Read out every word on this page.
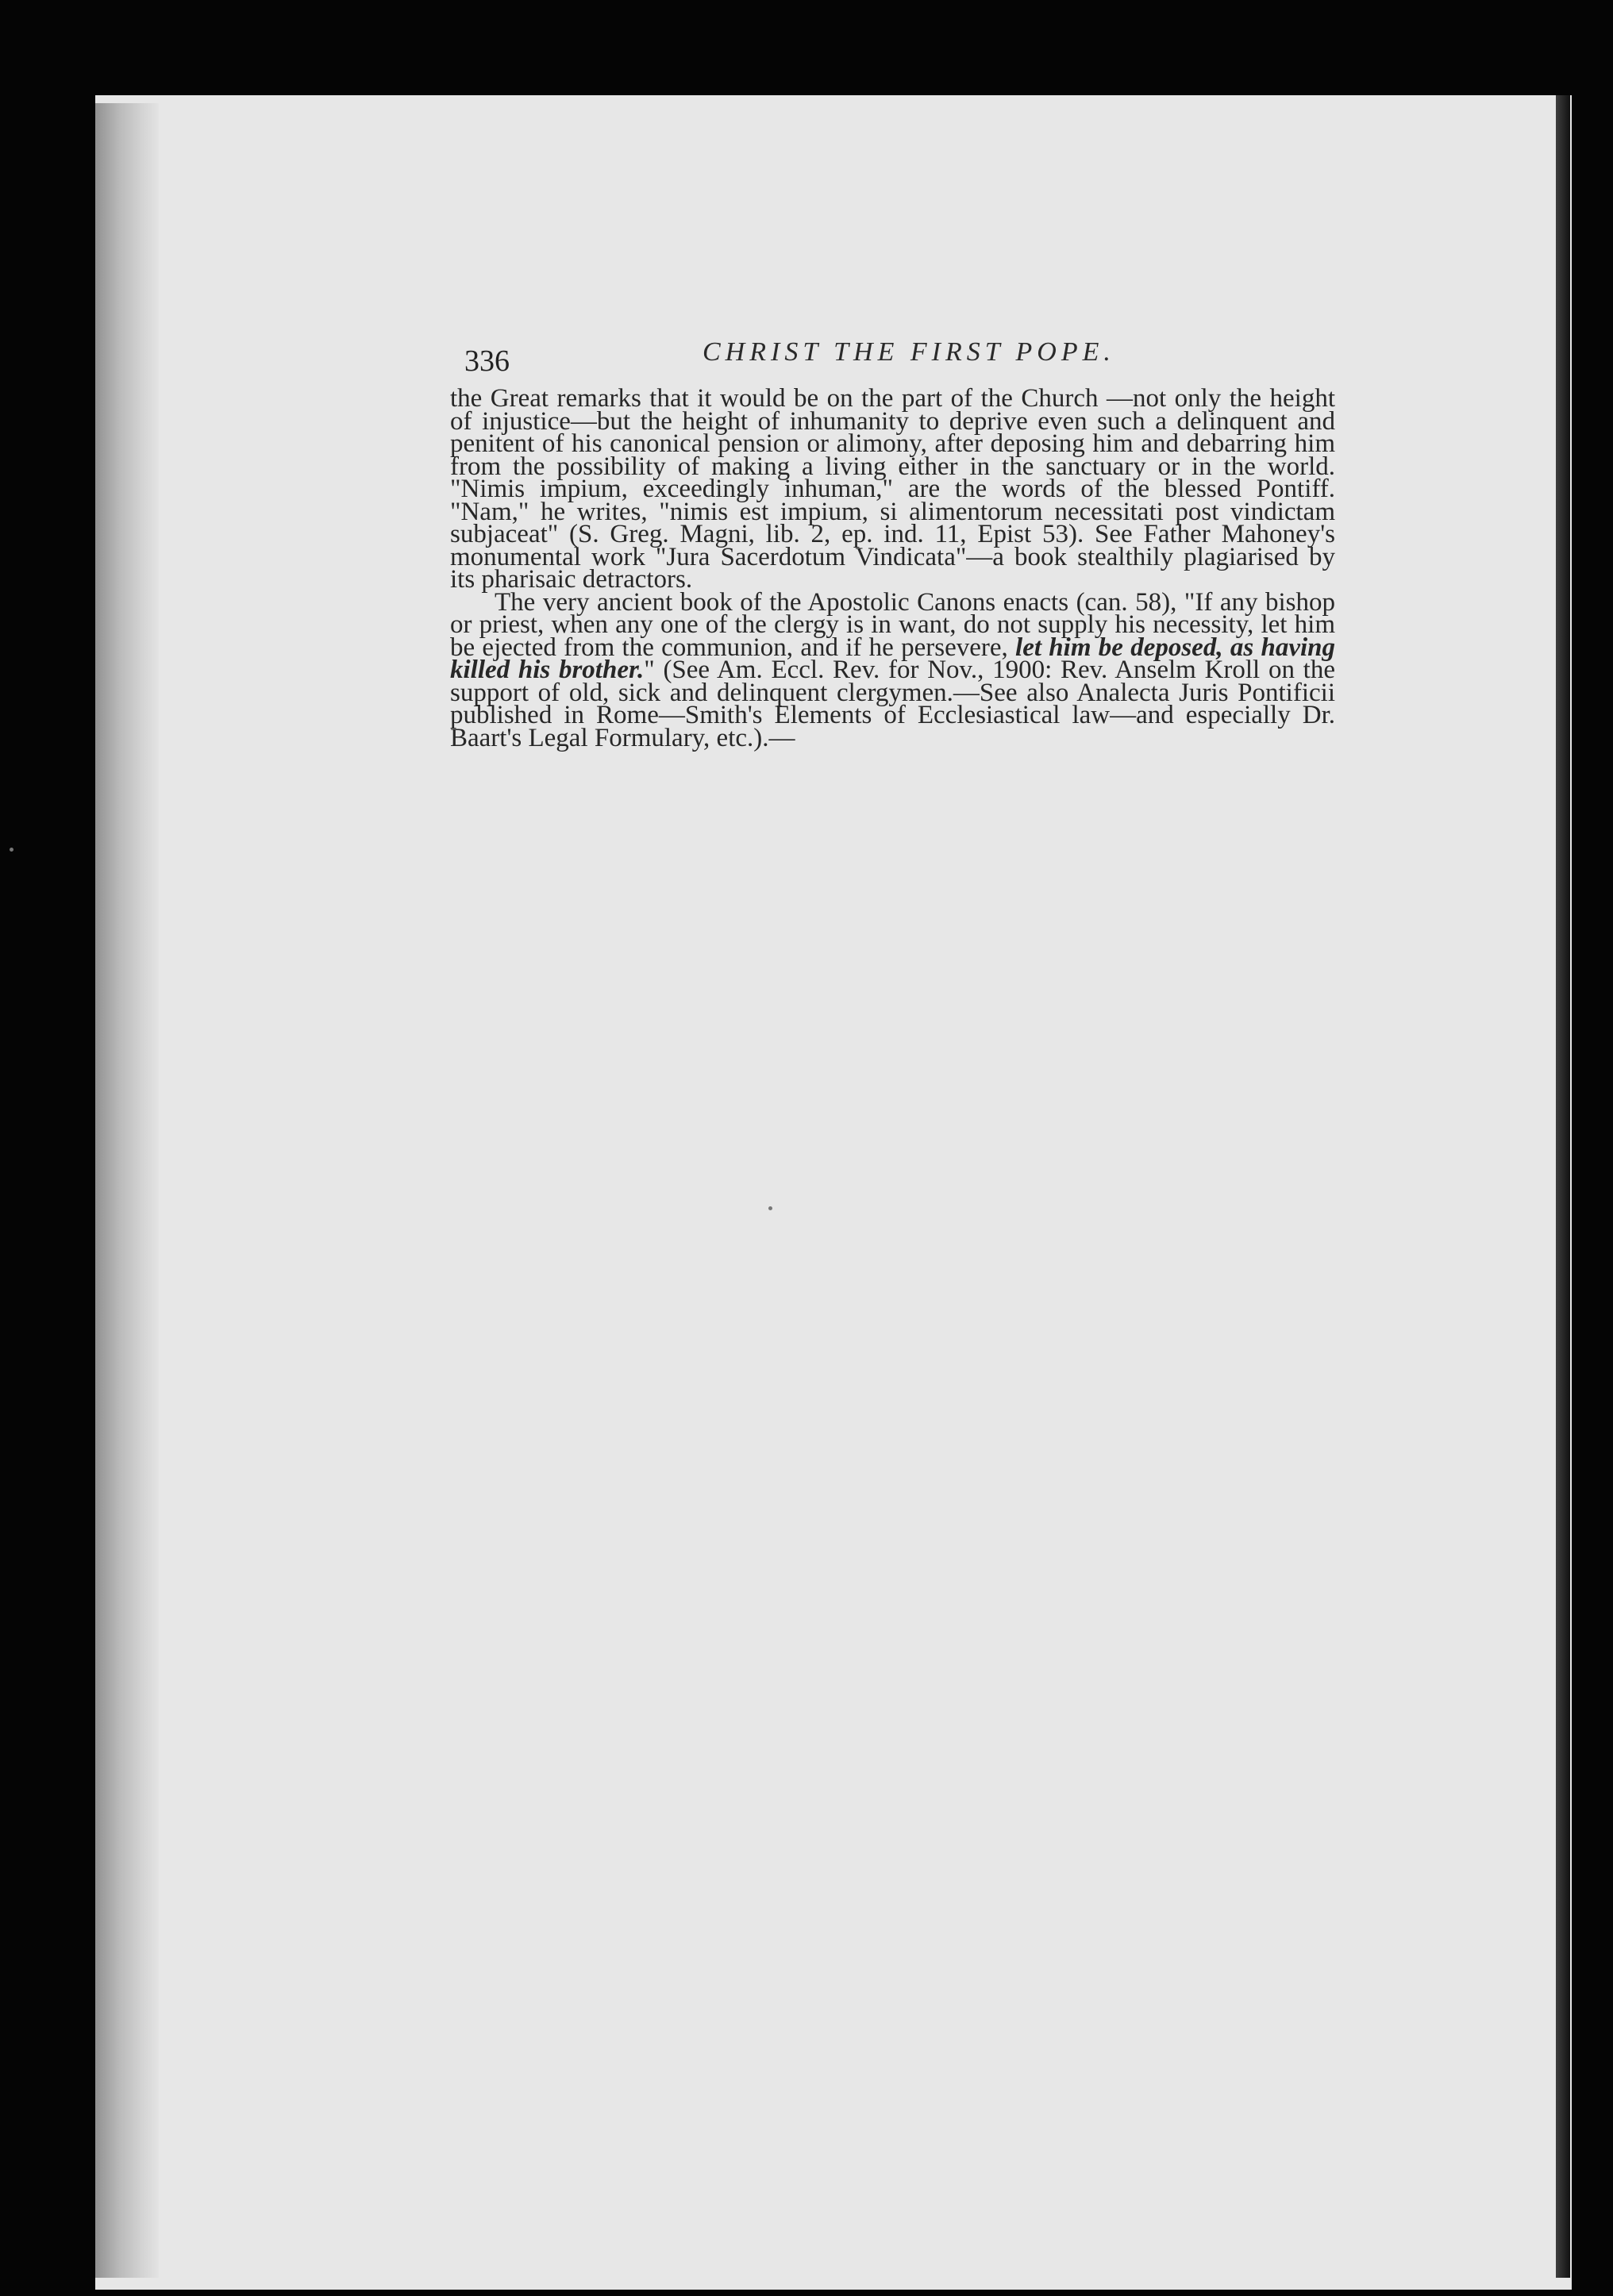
336	CHRIST THE FIRST POPE.

the Great remarks that it would be on the part of the Church —not only the height of injustice—but the height of inhumanity to deprive even such a delinquent and penitent of his canonical pension or alimony, after deposing him and debarring him from the possibility of making a living either in the sanctuary or in the world. "Nimis impium, exceedingly inhuman," are the words of the blessed Pontiff. "Nam," he writes, "nimis est impium, si alimentorum necessitati post vindictam subjaceat" (S. Greg. Magni, lib. 2, ep. ind. 11, Epist 53). See Father Mahoney's monumental work "Jura Sacerdotum Vindicata"—a book stealthily plagiarised by its pharisaic detractors.

The very ancient book of the Apostolic Canons enacts (can. 58), "If any bishop or priest, when any one of the clergy is in want, do not supply his necessity, let him be ejected from the communion, and if he persevere, let him be deposed, as having killed his brother." (See Am. Eccl. Rev. for Nov., 1900: Rev. Anselm Kroll on the support of old, sick and delinquent clergymen.—See also Analecta Juris Pontificii published in Rome—Smith's Elements of Ecclesiastical law—and especially Dr. Baart's Legal Formulary, etc.).—
